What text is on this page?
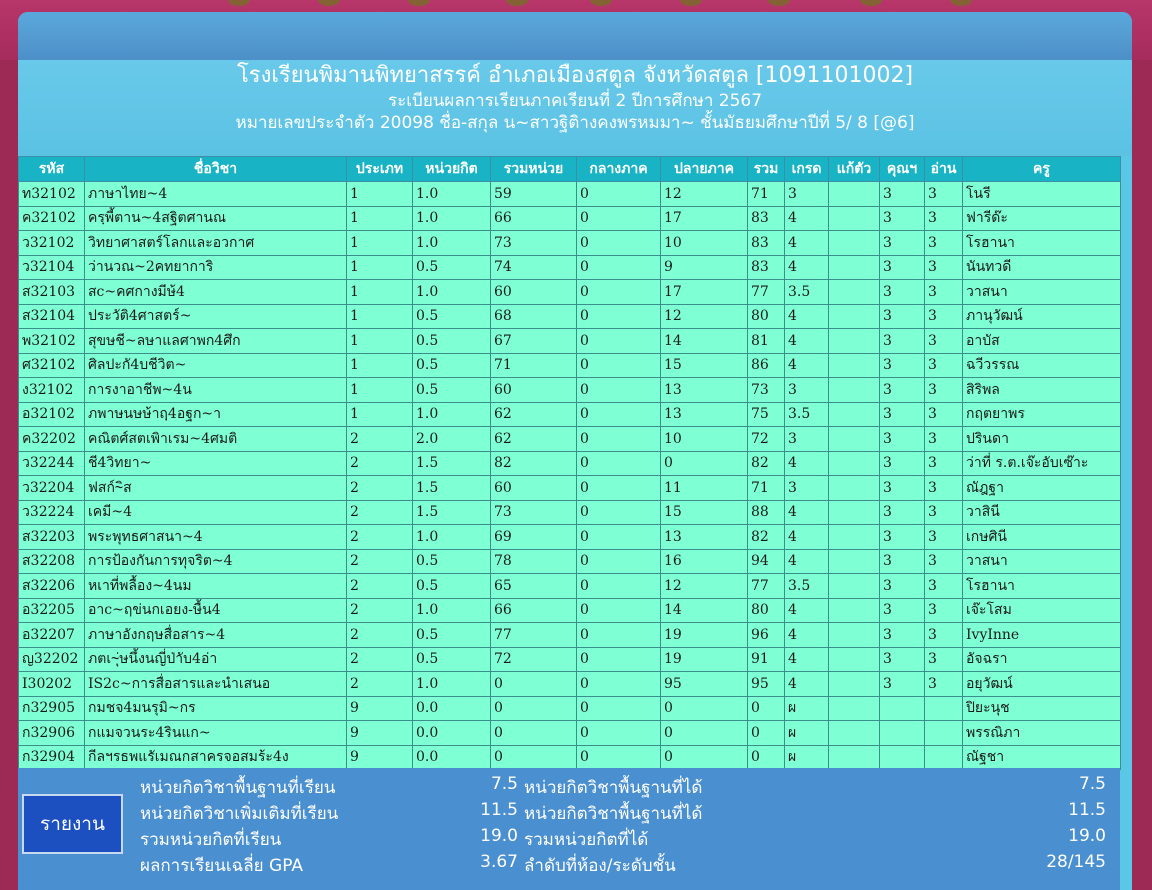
โรงเรียนพิมานพิทยาสรรค์ อำเภอเมืองสตูล จังหวัดสตูล [1091101002]
ระเบียนผลการเรียนภาคเรียนที่ 2 ปีการศึกษา 2567
หมายเลขประจำตัว 20098 ชื่อ-สกุล น~สาวฐิติางคงพรหมมา~ ชั้นมัธยมศึกษาปีที่ 5/ 8 [@6]
รหัส	ชื่อวิชา	ประเภท	หน่วยกิต	รวมหน่วย	กลางภาค	ปลายภาค	รวม	เกรด	แก้ตัว	คุณฯ	อ่าน	ครู
ท32102	ภาษาไทย~4	1	1.0	59	0	12	71	3		3	3	โนรี
ค32102	ครฺพี้ตาน~4สฐิตศานณ	1	1.0	66	0	17	83	4		3	3	ฟารีด๊ะ
ว32102	วิทยาศาสตร์โลกและอวกาศ	1	1.0	73	0	10	83	4		3	3	โรฮานา
ว32104	ว่านวณ~2คทยาการิ	1	0.5	74	0	9	83	4		3	3	นันทวดี
ส32103	สc~คศกางมีษ้4	1	1.0	60	0	17	77	3.5		3	3	วาสนา
ส32104	ประวัติ4ศาสตร์~	1	0.5	68	0	12	80	4		3	3	ภานุวัฒน์
พ32102	สุขษชี~ลษาแลศาพก4ศึก	1	0.5	67	0	14	81	4		3	3	อาบัส
ศ32102	ศิลปะกั4บชีวิต~	1	0.5	71	0	15	86	4		3	3	ฉวีวรรณ
ง32102	การงาอาชีพ~4น	1	0.5	60	0	13	73	3		3	3	สิริพล
อ32102	ภพาษนษษ้าฤฺ4อฐก~า	1	1.0	62	0	13	75	3.5		3	3	กฤตยาพร
ค32202	คณิตศ์สตเพิาเรม~4ศมติ	2	2.0	62	0	10	72	3		3	3	ปรินดา
ว32244	ชี4วิทยา~	2	1.5	82	0	0	82	4		3	3	ว่าที่ ร.ต.เจ๊ะอับเซ๊าะ
ว32204	ฟสก์~ิส	2	1.5	60	0	11	71	3		3	3	ณัฎฐา
ว32224	เคมี~4	2	1.5	73	0	15	88	4		3	3	วาสินี
ส32203	พระพุทธศาสนา~4	2	1.0	69	0	13	82	4		3	3	เกษศินี
ส32208	การป้องกันการทุจริต~4	2	0.5	78	0	16	94	4		3	3	วาสนา
ส32206	หเาที่พลื้อง~4นม	2	0.5	65	0	12	77	3.5		3	3	โรฮานา
อ32205	อาc~ฤข่นกเอยง-ษื้น4	2	1.0	66	0	14	80	4		3	3	เจ๊ะโสม
อ32207	ภาษาอังกฤษสื่อสาร~4	2	0.5	77	0	19	96	4		3	3	IvyInne
ญ32202	ภตเ~ุ่ษนึ้งนญี่ป่าับ4อ่า	2	0.5	72	0	19	91	4		3	3	อัจฉรา
I30202	IS2c~การสื่อสารและนำเสนอ	2	1.0	0	0	95	95	4		3	3	อยุวัฒน์
ก32905	กมชจ4มนรุมิ~กร	9	0.0	0	0	0	0	ผ				ปิยะนุช
ก32906	กแมจวนระ4รินแก~	9	0.0	0	0	0	0	ผ				พรรณิภา
ก32904	กีลฯรธพแรัเมณกสาครจอสมร้ะ4ง	9	0.0	0	0	0	0	ผ				ณัฐชา
รายงาน
หน่วยกิตวิชาพื้นฐานที่เรียน	7.5 หน่วยกิตวิชาพื้นฐานที่ได้	7.5
หน่วยกิตวิชาเพิ่มเติมที่เรียน	11.5 หน่วยกิตวิชาพื้นฐานที่ได้	11.5
รวมหน่วยกิตที่เรียน	19.0 รวมหน่วยกิตที่ได้	19.0
ผลการเรียนเฉลี่ย GPA	3.67 ลำดับที่ห้อง/ระดับชั้น	28/145
